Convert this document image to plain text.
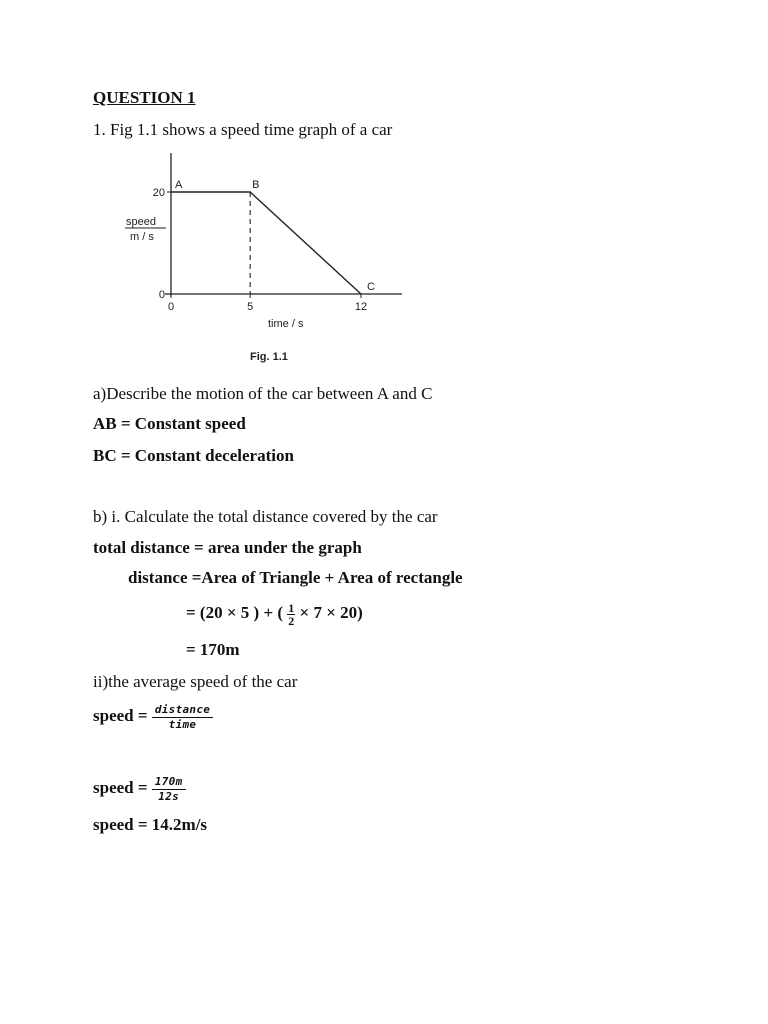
QUESTION 1
1. Fig 1.1 shows a speed time graph of a car
20
0
0	5	12
A	B
C
speed
m / s
time / s
Fig. 1.1
a)Describe the motion of the car between A and C
AB = Constant speed
BC = Constant deceleration
b) i. Calculate the total distance covered by the car
total distance = area under the graph
distance =Area of Triangle + Area of rectangle
= (20 × 5 ) + ( $\frac{1}{2} \times 7 \times 20$)
= 170m
ii)the average speed of the car
speed = $\frac{\text{distance}}{\text{time}}$
speed = $\frac{170m}{12s}$
speed = 14.2m/s
